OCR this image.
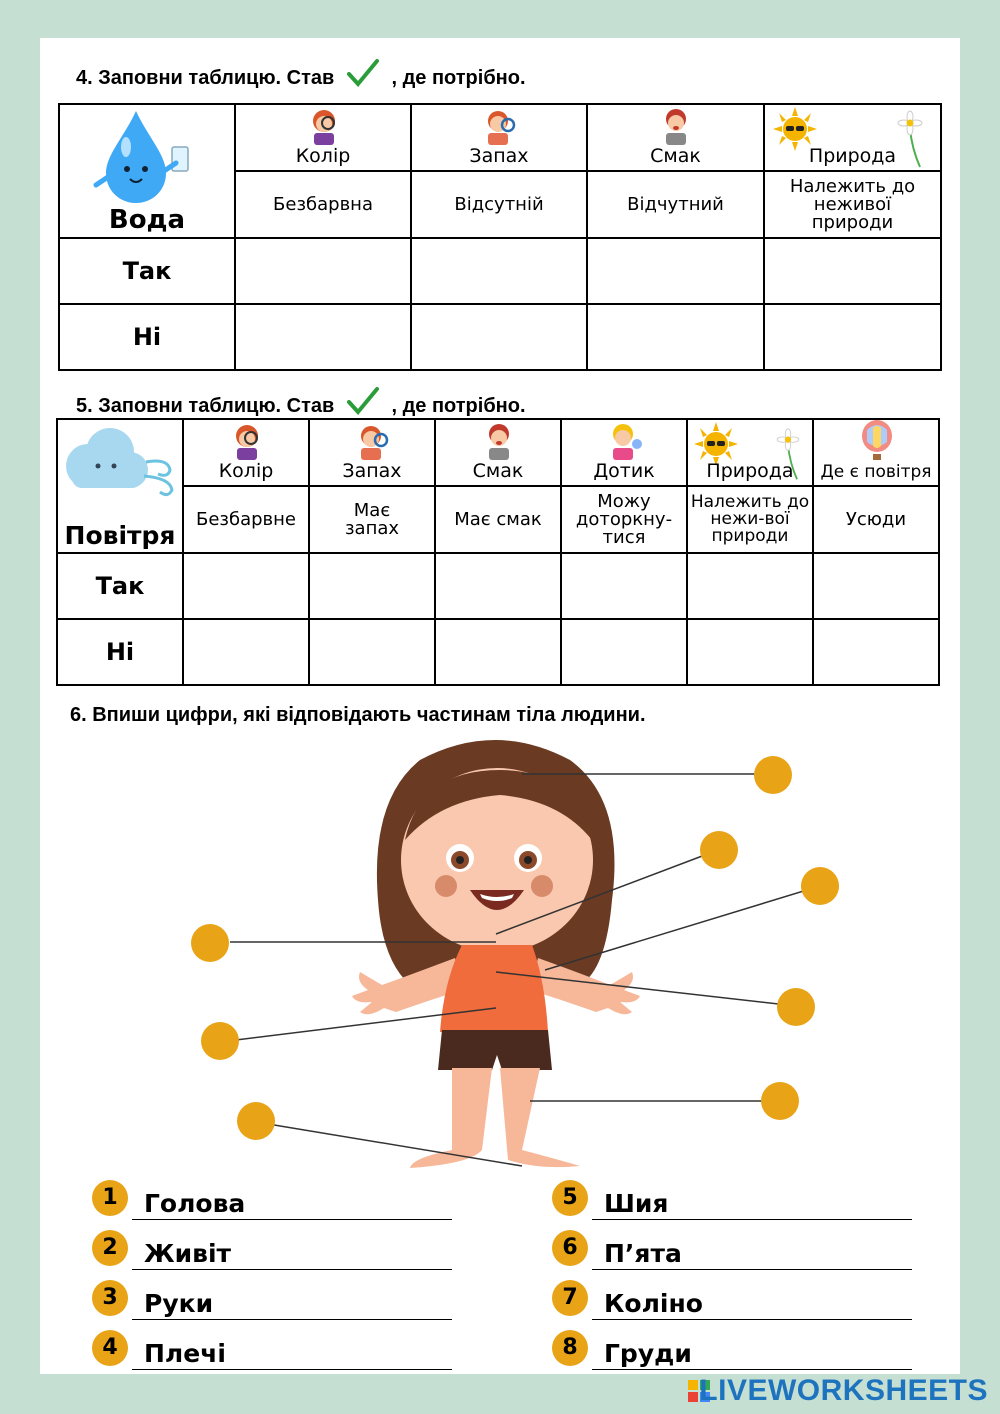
4. Заповни таблицю. Став	, де потрібно.
Вода	Колір	Запах	Смак	Природа

	Безбарвна	Відсутній	Відчутний	Належить до неживої природи
Так				
Ні				
5. Заповни таблицю. Став	, де потрібно.
Повітря	Колір	Запах	Смак	Дотик	Природа	Де є повітря

	Безбарвне	Має запах	Має смак	Можу доторкну-тися	Належить до нежи-вої природи	Усюди
Так						
Ні						
6. Впиши цифри, які відповідають частинам тіла людини.
1	Голова
2	Живіт
3	Руки
4	Плечі
5	Шия
6	П’ята
7	Коліно
8	Груди
LIVEWORKSHEETS
